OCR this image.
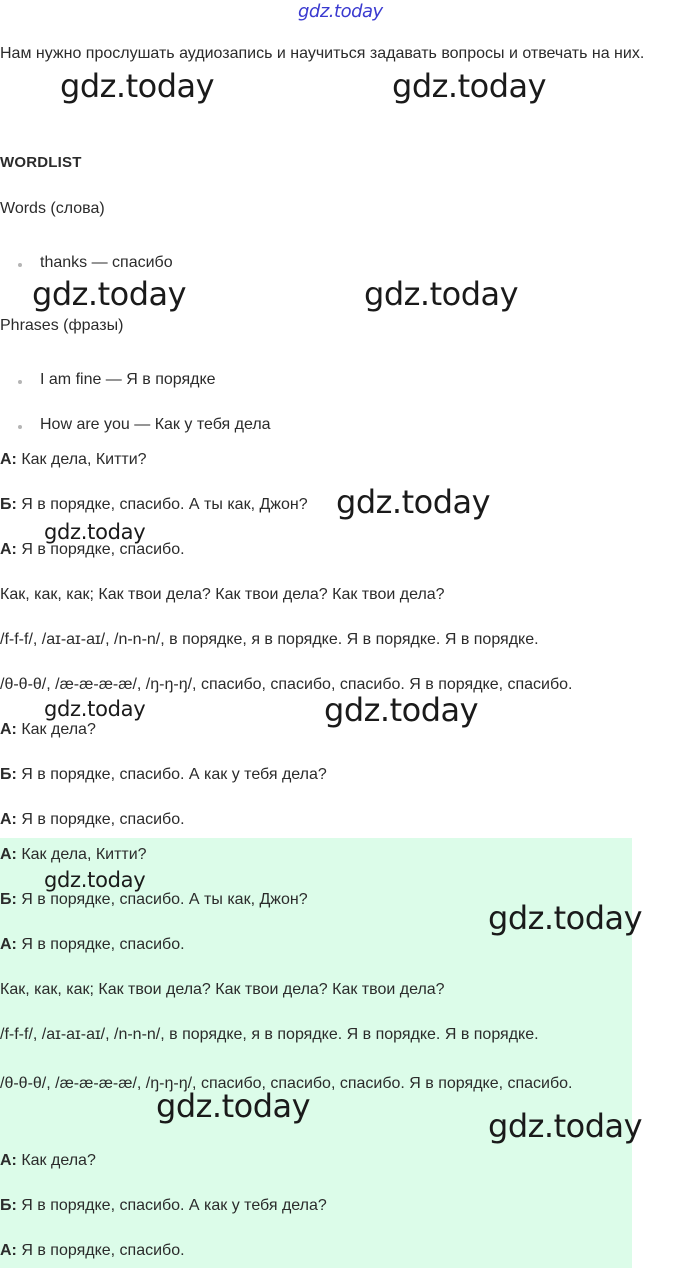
Нам нужно прослушать аудиозапись и научиться задавать вопросы и отвечать на них.
WORDLIST
Words (слова)
thanks — спасибо
Phrases (фразы)
I am fine — Я в порядке
How are you — Как у тебя дела
А: Как дела, Китти?
Б: Я в порядке, спасибо. А ты как, Джон?
А: Я в порядке, спасибо.
Как, как, как; Как твои дела? Как твои дела? Как твои дела?
/f-f-f/, /aɪ-aɪ-aɪ/, /n-n-n/, в порядке, я в порядке. Я в порядке. Я в порядке.
/θ-θ-θ/, /æ-æ-æ-æ/, /ŋ-ŋ-ŋ/, спасибо, спасибо, спасибо. Я в порядке, спасибо.
А: Как дела?
Б: Я в порядке, спасибо. А как у тебя дела?
А: Я в порядке, спасибо.
А: Как дела, Китти?
Б: Я в порядке, спасибо. А ты как, Джон?
А: Я в порядке, спасибо.
Как, как, как; Как твои дела? Как твои дела? Как твои дела?
/f-f-f/, /aɪ-aɪ-aɪ/, /n-n-n/, в порядке, я в порядке. Я в порядке. Я в порядке.
/θ-θ-θ/, /æ-æ-æ-æ/, /ŋ-ŋ-ŋ/, спасибо, спасибо, спасибо. Я в порядке, спасибо.
А: Как дела?
Б: Я в порядке, спасибо. А как у тебя дела?
А: Я в порядке, спасибо.
gdz.today
gdz.today	gdz.today
gdz.today	gdz.today
gdz.today
gdz.today
gdz.today	gdz.today
gdz.today
gdz.today
gdz.today
gdz.today
